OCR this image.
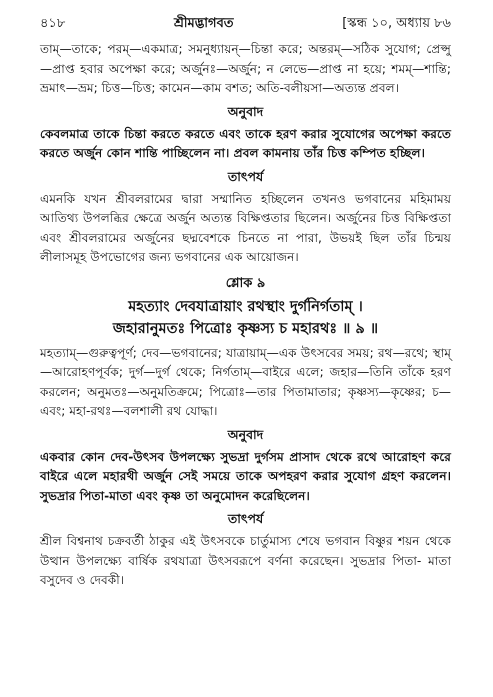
৪১৮	শ্রীমদ্ভাগবত	[স্কন্ধ ১০, অধ্যায় ৮৬

তাম্—তাকে; পরম্—একমাত্র; সমনুধ্যায়ন্—চিন্তা করে; অন্তরম্—সঠিক সুযোগ; প্রেপ্সু—প্রাপ্ত হবার অপেক্ষা করে; অর্জুনঃ—অর্জুন; ন লেভে—প্রাপ্ত না হয়ে; শমম্—শান্তি; ভ্রমাৎ—ভ্রম; চিত্ত—চিত্ত; কামেন—কাম বশত; অতি-বলীয়সা—অত্যন্ত প্রবল।

অনুবাদ

কেবলমাত্র তাকে চিন্তা করতে করতে এবং তাকে হরণ করার সুযোগের অপেক্ষা করতে করতে অর্জুন কোন শান্তি পাচ্ছিলেন না। প্রবল কামনায় তাঁর চিত্ত কম্পিত হচ্ছিল।

তাৎপর্য

এমনকি যখন শ্রীবলরামের দ্বারা সম্মানিত হচ্ছিলেন তখনও ভগবানের মহিমাময় আতিথ্য উপলব্ধির ক্ষেত্রে অর্জুন অত্যন্ত বিক্ষিপ্ততার ছিলেন। অর্জুনের চিত্ত বিক্ষিপ্ততা এবং শ্রীবলরামের অর্জুনের ছদ্মবেশকে চিনতে না পারা, উভয়ই ছিল তাঁর চিন্ময় লীলাসমূহ উপভোগের জন্য ভগবানের এক আয়োজন।

শ্লোক ৯

মহত্যাং দেবযাত্রায়াং রথস্থাং দুর্গনির্গতাম্ ।

জহারানুমতঃ পিত্রোঃ কৃষ্ণস্য চ মহারথঃ ॥ ৯ ॥

মহত্যাম্—গুরুত্বপূর্ণ; দেব—ভগবানের; যাত্রায়াম্—এক উৎসবের সময়; রথ—রথে; স্থাম্—আরোহণপূর্বক; দুর্গ—দুর্গ থেকে; নির্গতাম্—বাইরে এলে; জহার—তিনি তাঁকে হরণ করলেন; অনুমতঃ—অনুমতিক্রমে; পিত্রোঃ—তার পিতামাতার; কৃষ্ণস্য—কৃষ্ণের; চ—এবং; মহা-রথঃ—বলশালী রথ যোদ্ধা।

অনুবাদ

একবার কোন দেব-উৎসব উপলক্ষ্যে সুভদ্রা দুর্গসম প্রাসাদ থেকে রথে আরোহণ করে বাইরে এলে মহারথী অর্জুন সেই সময়ে তাকে অপহরণ করার সুযোগ গ্রহণ করলেন। সুভদ্রার পিতা-মাতা এবং কৃষ্ণ তা অনুমোদন করেছিলেন।

তাৎপর্য

শ্রীল বিশ্বনাথ চক্রবর্তী ঠাকুর এই উৎসবকে চার্তুমাস্য শেষে ভগবান বিষ্ণুর শয়ন থেকে উত্থান উপলক্ষ্যে বার্ষিক রথযাত্রা উৎসবরূপে বর্ণনা করেছেন। সুভদ্রার পিতা- মাতা বসুদেব ও দেবকী।
